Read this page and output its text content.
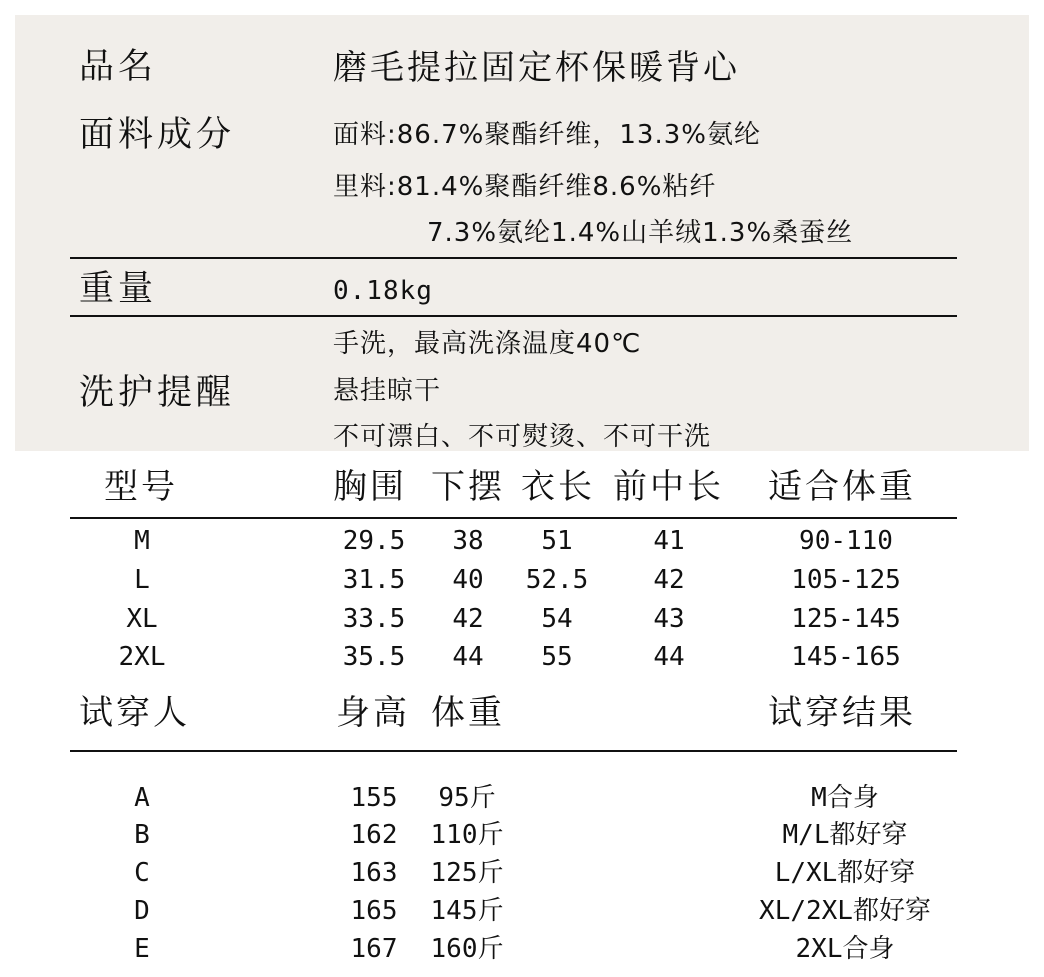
品名	磨毛提拉固定杯保暖背心
面料成分	面料:86.7%聚酯纤维，13.3%氨纶
里料:81.4%聚酯纤维8.6%粘纤
7.3%氨纶1.4%山羊绒1.3%桑蚕丝
重量	0.18kg
洗护提醒
手洗，最高洗涤温度40℃
悬挂晾干
不可漂白、不可熨烫、不可干洗
型号	胸围 下摆 衣长 前中长 适合体重
M	29.5 38 51	41	90-110
L	31.5 40 52.5	42	105-125
XL	33.5 42 54	43	125-145
2XL	35.5 44 55	44	145-165
试穿人	身高 体重	试穿结果
A	155 95斤	M合身
B	162 110斤	M/L都好穿
C	163 125斤	L/XL都好穿
D	165 145斤	XL/2XL都好穿
E	167 160斤	2XL合身
